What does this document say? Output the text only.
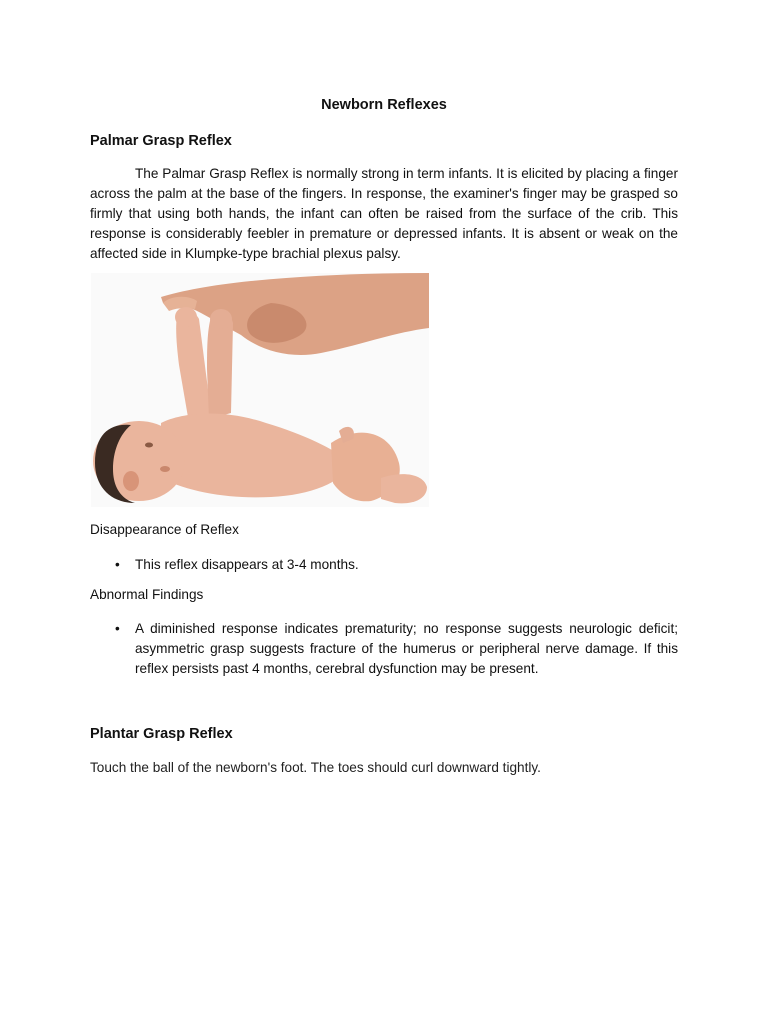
Newborn Reflexes
Palmar Grasp Reflex
The Palmar Grasp Reflex is normally strong in term infants. It is elicited by placing a finger across the palm at the base of the fingers. In response, the examiner's finger may be grasped so firmly that using both hands, the infant can often be raised from the surface of the crib. This response is considerably feebler in premature or depressed infants. It is absent or weak on the affected side in Klumpke-type brachial plexus palsy.
Disappearance of Reflex
• This reflex disappears at 3-4 months.
Abnormal Findings
• A diminished response indicates prematurity; no response suggests neurologic deficit; asymmetric grasp suggests fracture of the humerus or peripheral nerve damage. If this reflex persists past 4 months, cerebral dysfunction may be present.
Plantar Grasp Reflex
Touch the ball of the newborn's foot. The toes should curl downward tightly.
